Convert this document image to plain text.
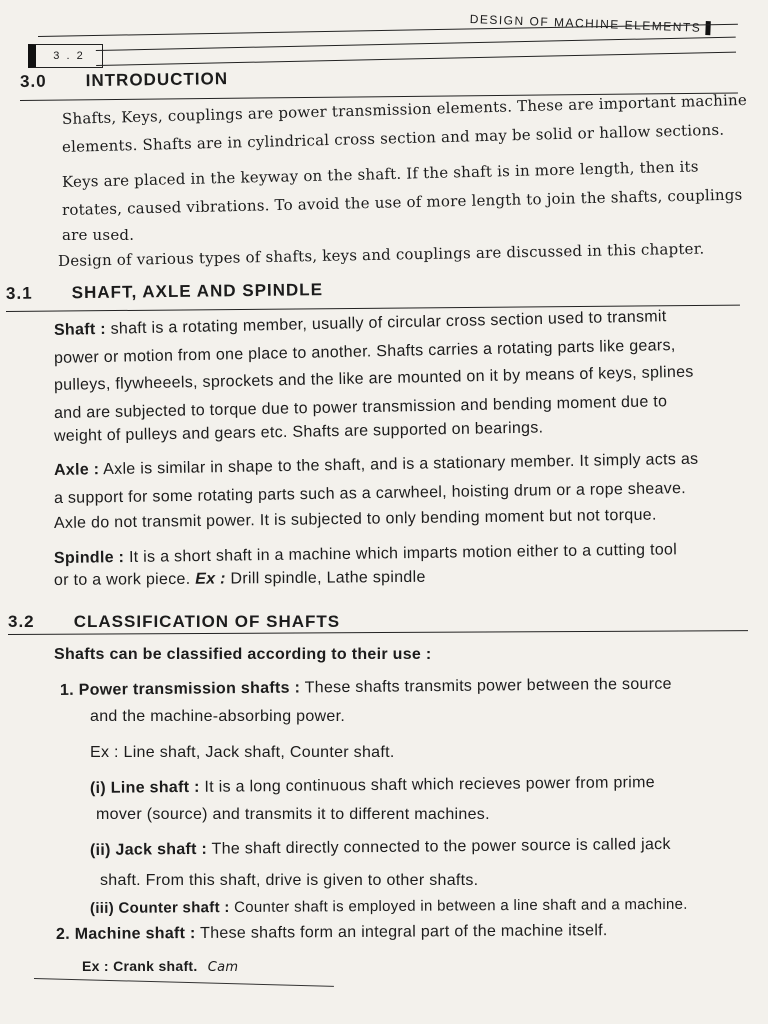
DESIGN OF MACHINE ELEMENTS
3 . 2
3.0 INTRODUCTION
Shafts, Keys, couplings are power transmission elements. These are important machine
elements. Shafts are in cylindrical cross section and may be solid or hallow sections.
Keys are placed in the keyway on the shaft. If the shaft is in more length, then its
rotates, caused vibrations. To avoid the use of more length to join the shafts, couplings
are used.
Design of various types of shafts, keys and couplings are discussed in this chapter.
3.1 SHAFT, AXLE AND SPINDLE
Shaft : shaft is a rotating member, usually of circular cross section used to transmit
power or motion from one place to another. Shafts carries a rotating parts like gears,
pulleys, flywheeels, sprockets and the like are mounted on it by means of keys, splines
and are subjected to torque due to power transmission and bending moment due to
weight of pulleys and gears etc. Shafts are supported on bearings.
Axle : Axle is similar in shape to the shaft, and is a stationary member. It simply acts as
a support for some rotating parts such as a carwheel, hoisting drum or a rope sheave.
Axle do not transmit power. It is subjected to only bending moment but not torque.
Spindle : It is a short shaft in a machine which imparts motion either to a cutting tool
or to a work piece. Ex : Drill spindle, Lathe spindle
3.2 CLASSIFICATION OF SHAFTS
Shafts can be classified according to their use :
1. Power transmission shafts : These shafts transmits power between the source
and the machine-absorbing power.
Ex : Line shaft, Jack shaft, Counter shaft.
(i) Line shaft : It is a long continuous shaft which recieves power from prime
mover (source) and transmits it to different machines.
(ii) Jack shaft : The shaft directly connected to the power source is called jack
shaft. From this shaft, drive is given to other shafts.
(iii) Counter shaft : Counter shaft is employed in between a line shaft and a machine.
2. Machine shaft : These shafts form an integral part of the machine itself.
Ex : Crank shaft. Cam
